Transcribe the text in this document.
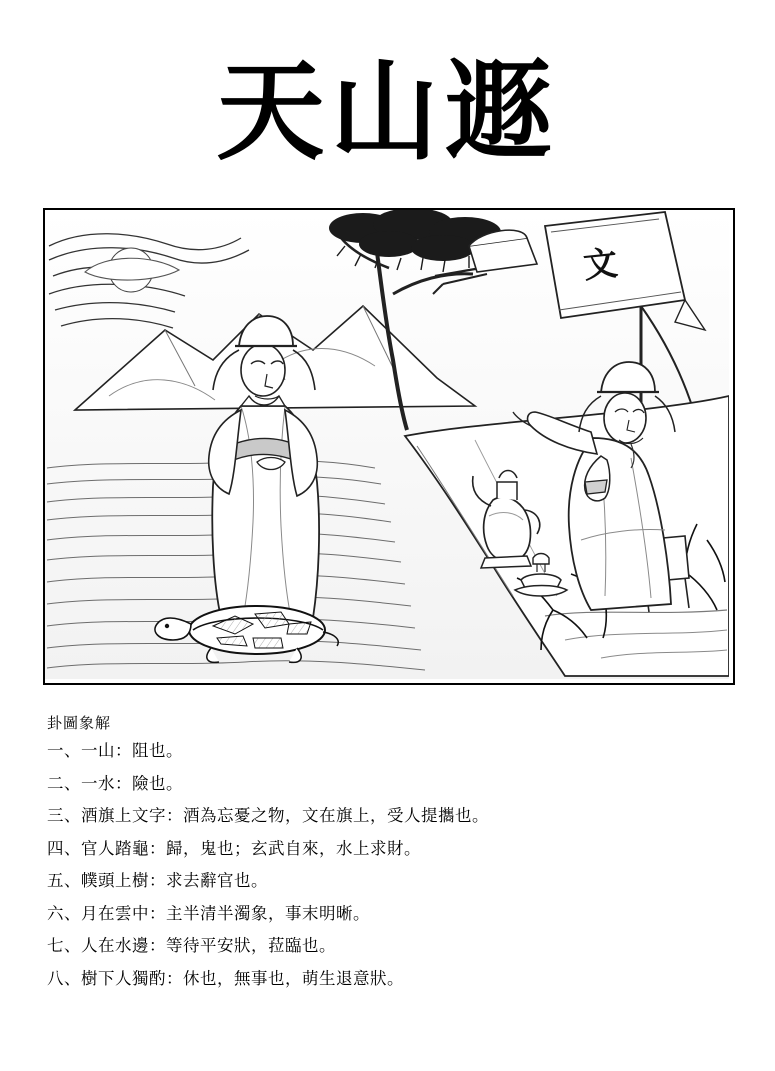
天山遯
文
卦圖象解
一、一山：阻也。
二、一水：險也。
三、酒旗上文字：酒為忘憂之物，文在旗上，受人提攜也。
四、官人踏龜：歸，鬼也；玄武自來，水上求財。
五、幞頭上樹：求去辭官也。
六、月在雲中：主半清半濁象，事末明晰。
七、人在水邊：等待平安狀，菈臨也。
八、樹下人獨酌：休也，無事也，萌生退意狀。
